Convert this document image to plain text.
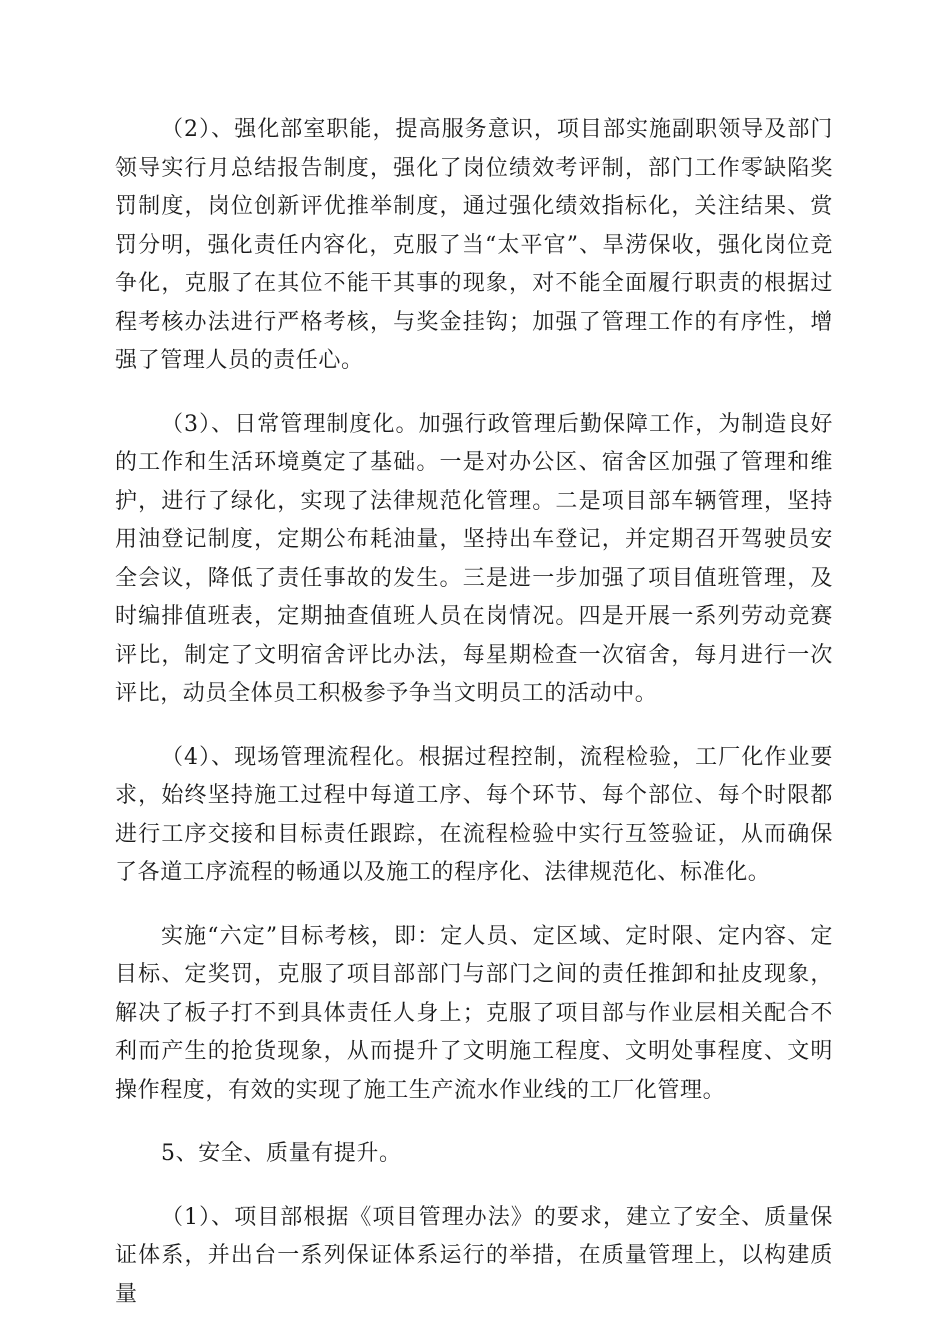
（2）、强化部室职能，提高服务意识，项目部实施副职领导及部门领导实行月总结报告制度，强化了岗位绩效考评制，部门工作零缺陷奖罚制度，岗位创新评优推举制度，通过强化绩效指标化，关注结果、赏罚分明，强化责任内容化，克服了当“太平官”、旱涝保收，强化岗位竞争化，克服了在其位不能干其事的现象，对不能全面履行职责的根据过程考核办法进行严格考核，与奖金挂钩；加强了管理工作的有序性，增强了管理人员的责任心。

（3）、日常管理制度化。加强行政管理后勤保障工作，为制造良好的工作和生活环境奠定了基础。一是对办公区、宿舍区加强了管理和维护，进行了绿化，实现了法律规范化管理。二是项目部车辆管理，坚持用油登记制度，定期公布耗油量，坚持出车登记，并定期召开驾驶员安全会议，降低了责任事故的发生。三是进一步加强了项目值班管理，及时编排值班表，定期抽查值班人员在岗情况。四是开展一系列劳动竞赛评比，制定了文明宿舍评比办法，每星期检查一次宿舍，每月进行一次评比，动员全体员工积极参予争当文明员工的活动中。

（4）、现场管理流程化。根据过程控制，流程检验，工厂化作业要求，始终坚持施工过程中每道工序、每个环节、每个部位、每个时限都进行工序交接和目标责任跟踪，在流程检验中实行互签验证，从而确保了各道工序流程的畅通以及施工的程序化、法律规范化、标准化。

实施“六定”目标考核，即：定人员、定区域、定时限、定内容、定目标、定奖罚，克服了项目部部门与部门之间的责任推卸和扯皮现象，解决了板子打不到具体责任人身上；克服了项目部与作业层相关配合不利而产生的抢货现象，从而提升了文明施工程度、文明处事程度、文明操作程度，有效的实现了施工生产流水作业线的工厂化管理。

5、安全、质量有提升。

（1）、项目部根据《项目管理办法》的要求，建立了安全、质量保证体系，并出台一系列保证体系运行的举措，在质量管理上，以构建质量
